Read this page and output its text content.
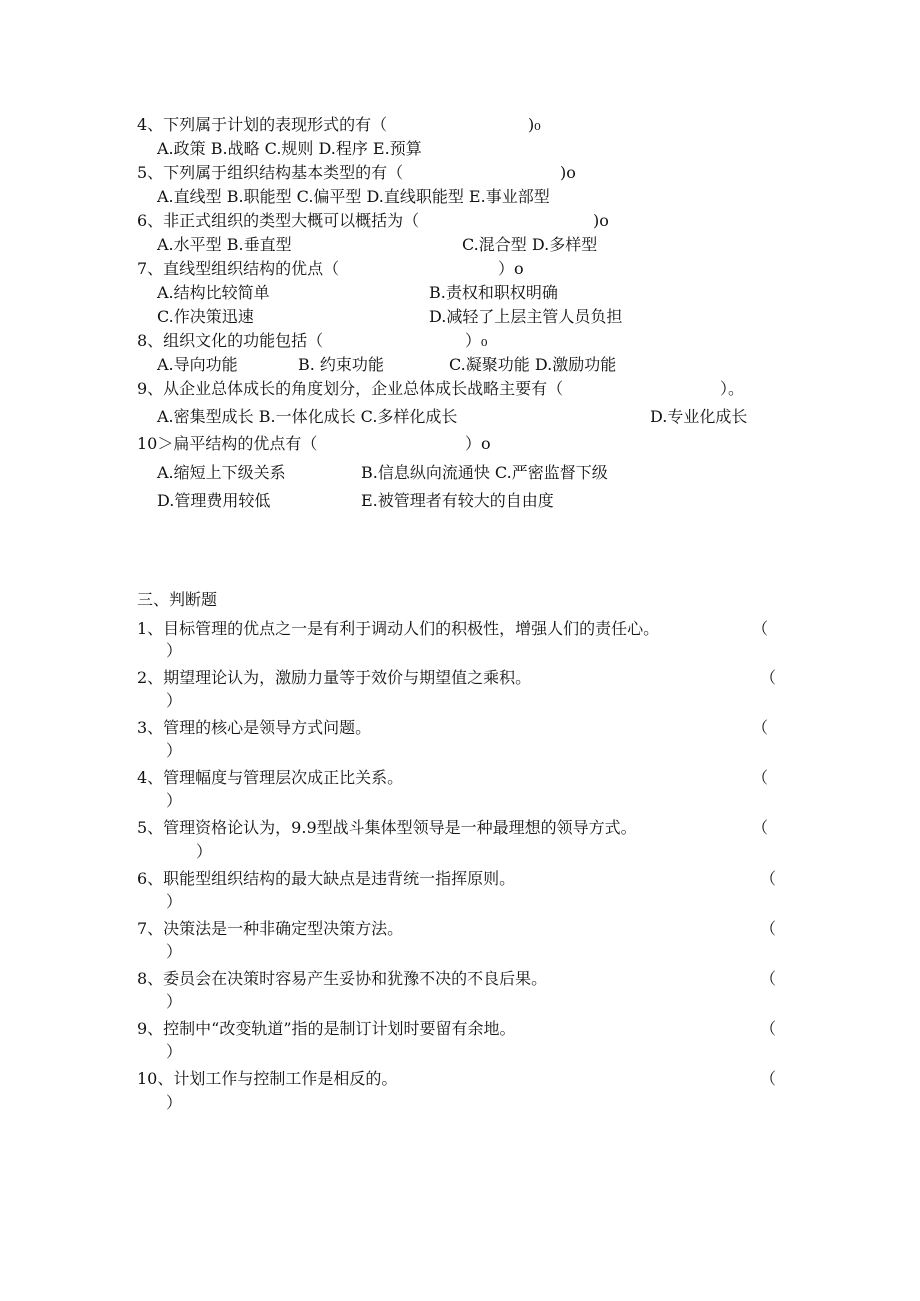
4、下列属于计划的表现形式的有（	)₀
A.政策 B.战略 C.规则 D.程序 E.预算
5、下列属于组织结构基本类型的有（	)o
A.直线型 B.职能型 C.偏平型 D.直线职能型 E.事业部型
6、非正式组织的类型大概可以概括为（	)o
A.水平型 B.垂直型	C.混合型 D.多样型
7、直线型组织结构的优点（	）o
A.结构比较简单	B.责权和职权明确
C.作决策迅速	D.减轻了上层主管人员负担
8、组织文化的功能包括（	）₀
A.导向功能	B. 约束功能	C.凝聚功能 D.激励功能
9、从企业总体成长的角度划分，企业总体成长战略主要有（	）。
A.密集型成长 B.一体化成长 C.多样化成长	D.专业化成长
10＞扁平结构的优点有（	）o
A.缩短上下级关系	B.信息纵向流通快 C.严密监督下级
D.管理费用较低	E.被管理者有较大的自由度
三、判断题
1、目标管理的优点之一是有利于调动人们的积极性，增强人们的责任心。	（
）
2、期望理论认为，激励力量等于效价与期望值之乘积。	（
）
3、管理的核心是领导方式问题。	（
）
4、管理幅度与管理层次成正比关系。	（
）
5、管理资格论认为，9.9型战斗集体型领导是一种最理想的领导方式。	（
）
6、职能型组织结构的最大缺点是违背统一指挥原则。	（
）
7、决策法是一种非确定型决策方法。	（
）
8、委员会在决策时容易产生妥协和犹豫不决的不良后果。	（
）
9、控制中“改变轨道”指的是制订计划时要留有余地。	（
）
10、计划工作与控制工作是相反的。	（
）
